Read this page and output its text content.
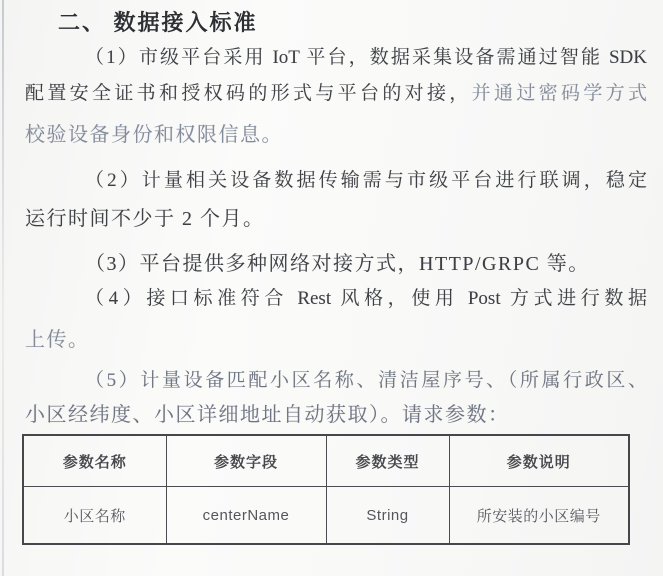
二、 数据接入标准
（1）市级平台采用 IoT 平台，数据采集设备需通过智能 SDK
配置安全证书和授权码的形式与平台的对接，并通过密码学方式
校验设备身份和权限信息。
（2）计量相关设备数据传输需与市级平台进行联调，稳定
运行时间不少于 2 个月。
（3）平台提供多种网络对接方式，HTTP/GRPC 等。
（4）接口标准符合 Rest 风格，使用 Post 方式进行数据
上传。
（5）计量设备匹配小区名称、清洁屋序号、（所属行政区、
小区经纬度、小区详细地址自动获取）。请求参数：
参数名称	参数字段	参数类型	参数说明
小区名称	centerName	String	所安装的小区编号
